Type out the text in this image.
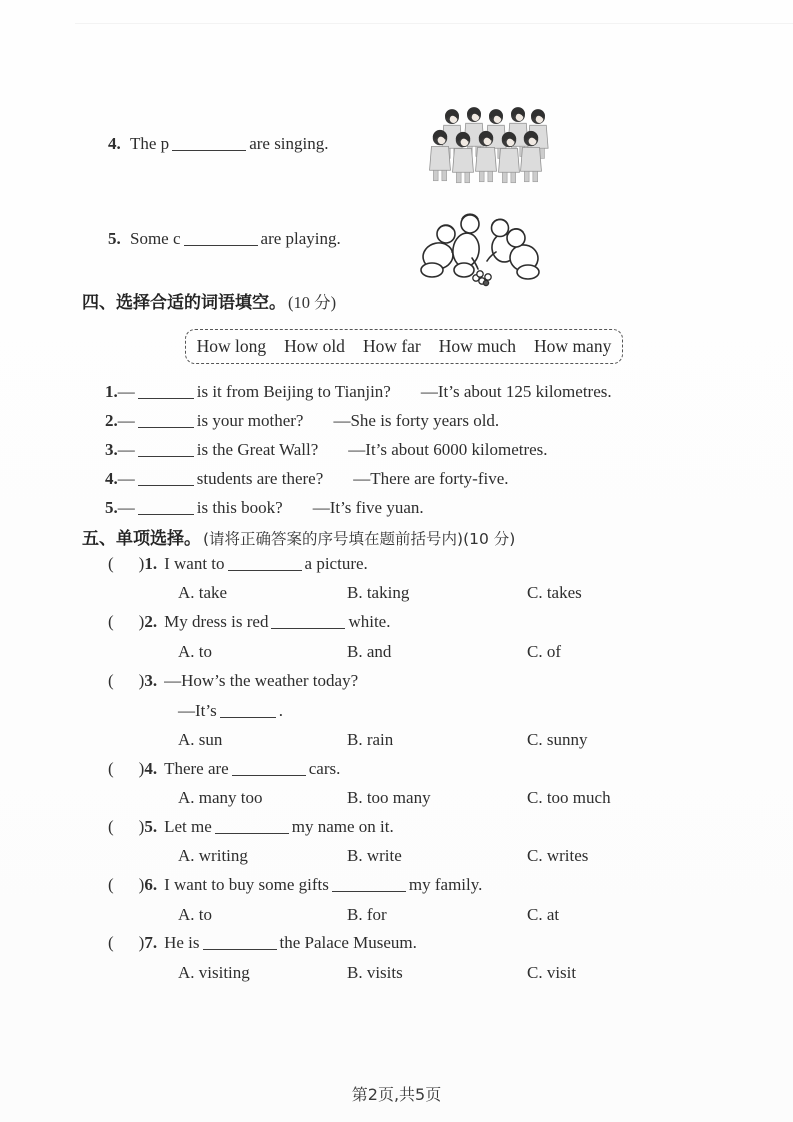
4. The p	are singing.
5. Some c	are playing.
四、选择合适的词语填空。 (10 分)
How long How old How far How much How many
1.—	is it from Beijing to Tianjin? —It’s about 125 kilometres.
2.—	is your mother? —She is forty years old.
3.—	is the Great Wall? —It’s about 6000 kilometres.
4.—	students are there? —There are forty-five.
5.—	is this book? —It’s five yuan.
五、单项选择。 (请将正确答案的序号填在题前括号内)(10 分)
( )1. I want to	a picture.
A. take	B. taking	C. takes
( )2. My dress is red	white.
A. to	B. and	C. of
( )3. —How’s the weather today?
—It’s	.
A. sun	B. rain	C. sunny
( )4. There are	cars.
A. many too	B. too many	C. too much
( )5. Let me	my name on it.
A. writing	B. write	C. writes
( )6. I want to buy some gifts	my family.
A. to	B. for	C. at
( )7. He is	the Palace Museum.
A. visiting	B. visits	C. visit
第2页,共5页
